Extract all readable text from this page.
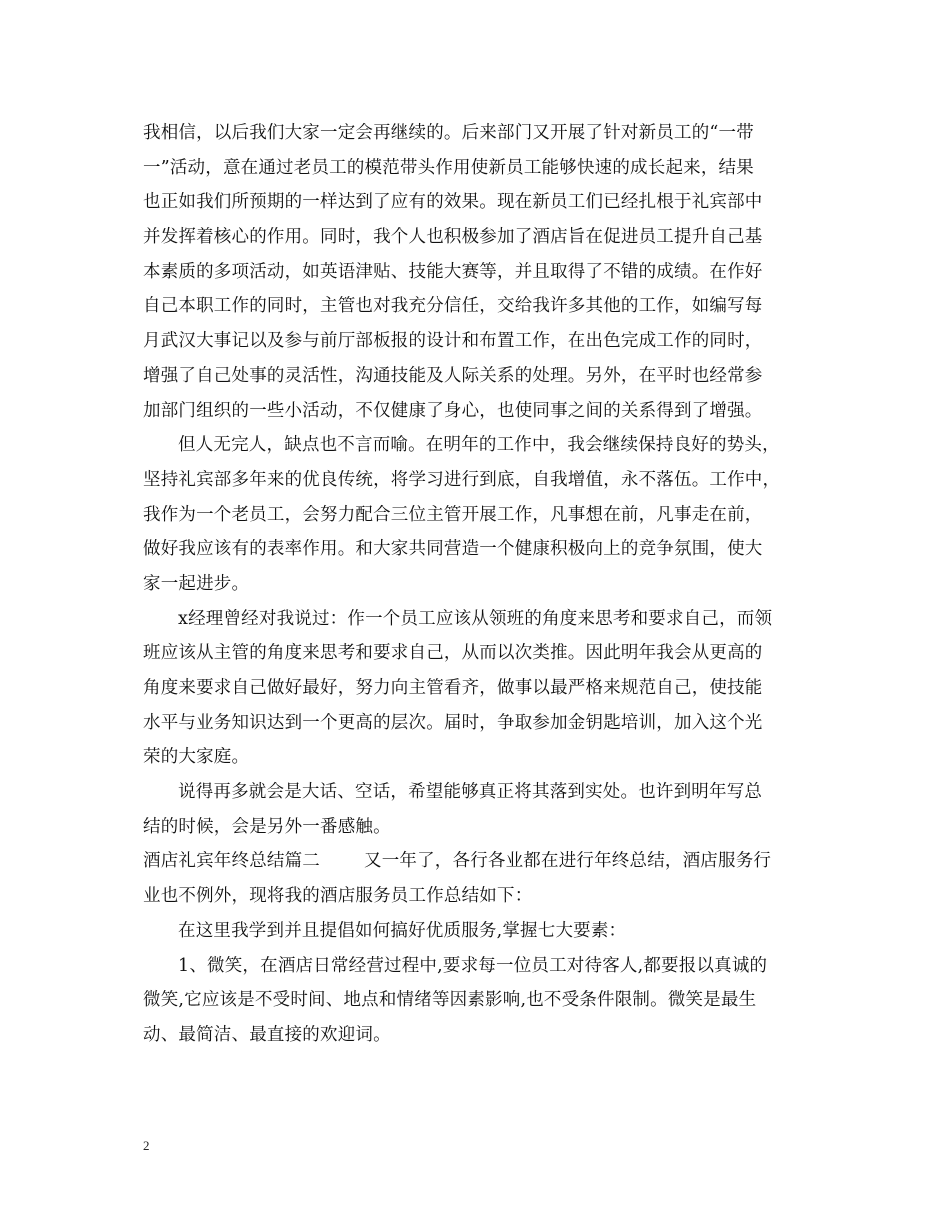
我相信，以后我们大家一定会再继续的。后来部门又开展了针对新员工的“一带
一”活动，意在通过老员工的模范带头作用使新员工能够快速的成长起来，结果
也正如我们所预期的一样达到了应有的效果。现在新员工们已经扎根于礼宾部中
并发挥着核心的作用。同时，我个人也积极参加了酒店旨在促进员工提升自己基
本素质的多项活动，如英语津贴、技能大赛等，并且取得了不错的成绩。在作好
自己本职工作的同时，主管也对我充分信任，交给我许多其他的工作，如编写每
月武汉大事记以及参与前厅部板报的设计和布置工作，在出色完成工作的同时，
增强了自己处事的灵活性，沟通技能及人际关系的处理。另外，在平时也经常参
加部门组织的一些小活动，不仅健康了身心，也使同事之间的关系得到了增强。
但人无完人，缺点也不言而喻。在明年的工作中，我会继续保持良好的势头，
坚持礼宾部多年来的优良传统，将学习进行到底，自我增值，永不落伍。工作中，
我作为一个老员工，会努力配合三位主管开展工作，凡事想在前，凡事走在前，
做好我应该有的表率作用。和大家共同营造一个健康积极向上的竞争氛围，使大
家一起进步。
x经理曾经对我说过：作一个员工应该从领班的角度来思考和要求自己，而领
班应该从主管的角度来思考和要求自己，从而以次类推。因此明年我会从更高的
角度来要求自己做好最好，努力向主管看齐，做事以最严格来规范自己，使技能
水平与业务知识达到一个更高的层次。届时，争取参加金钥匙培训，加入这个光
荣的大家庭。
说得再多就会是大话、空话，希望能够真正将其落到实处。也许到明年写总
结的时候，会是另外一番感触。
酒店礼宾年终总结篇二	又一年了，各行各业都在进行年终总结，酒店服务行
业也不例外，现将我的酒店服务员工作总结如下：
在这里我学到并且提倡如何搞好优质服务,掌握七大要素：
1、微笑，在酒店日常经营过程中,要求每一位员工对待客人,都要报以真诚的
微笑,它应该是不受时间、地点和情绪等因素影响,也不受条件限制。微笑是最生
动、最简洁、最直接的欢迎词。
2
